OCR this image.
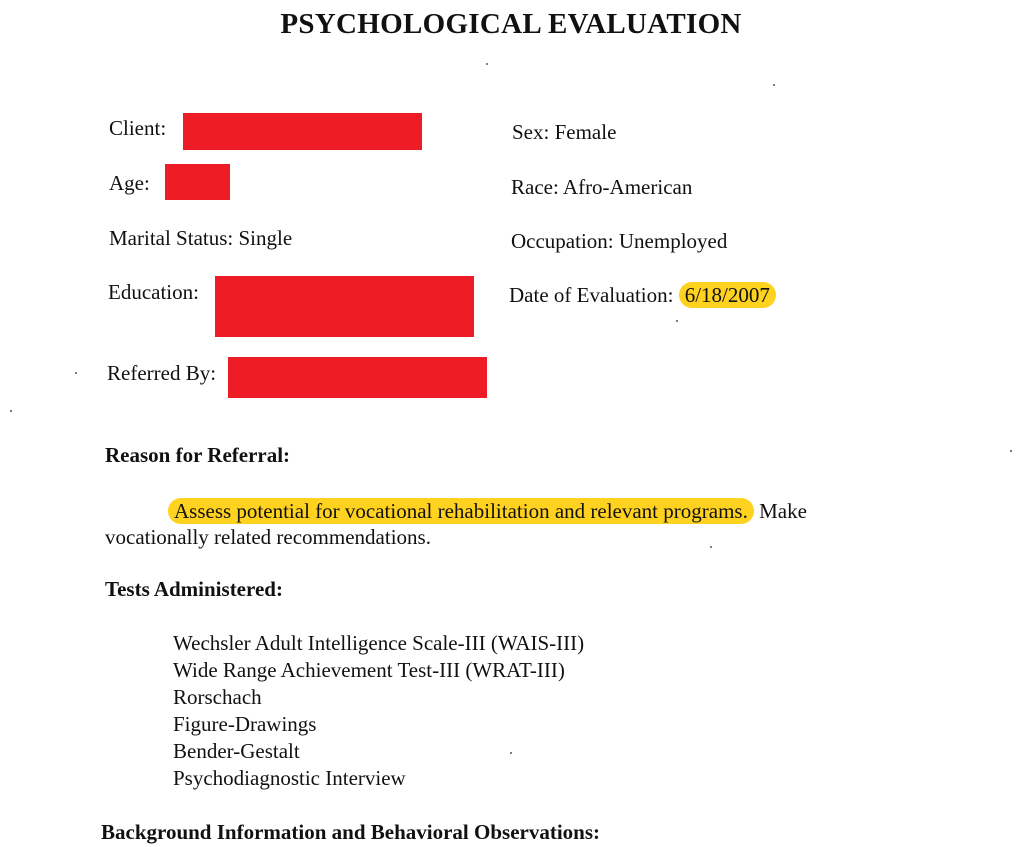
PSYCHOLOGICAL EVALUATION
Client:
Age:
Marital Status: Single
Education:
Referred By:
Sex: Female
Race: Afro-American
Occupation: Unemployed
Date of Evaluation: 6/18/2007
Reason for Referral:
Assess potential for vocational rehabilitation and relevant programs. Make
vocationally related recommendations.
Tests Administered:
Wechsler Adult Intelligence Scale-III (WAIS-III)
Wide Range Achievement Test-III (WRAT-III)
Rorschach
Figure-Drawings
Bender-Gestalt
Psychodiagnostic Interview
Background Information and Behavioral Observations:
